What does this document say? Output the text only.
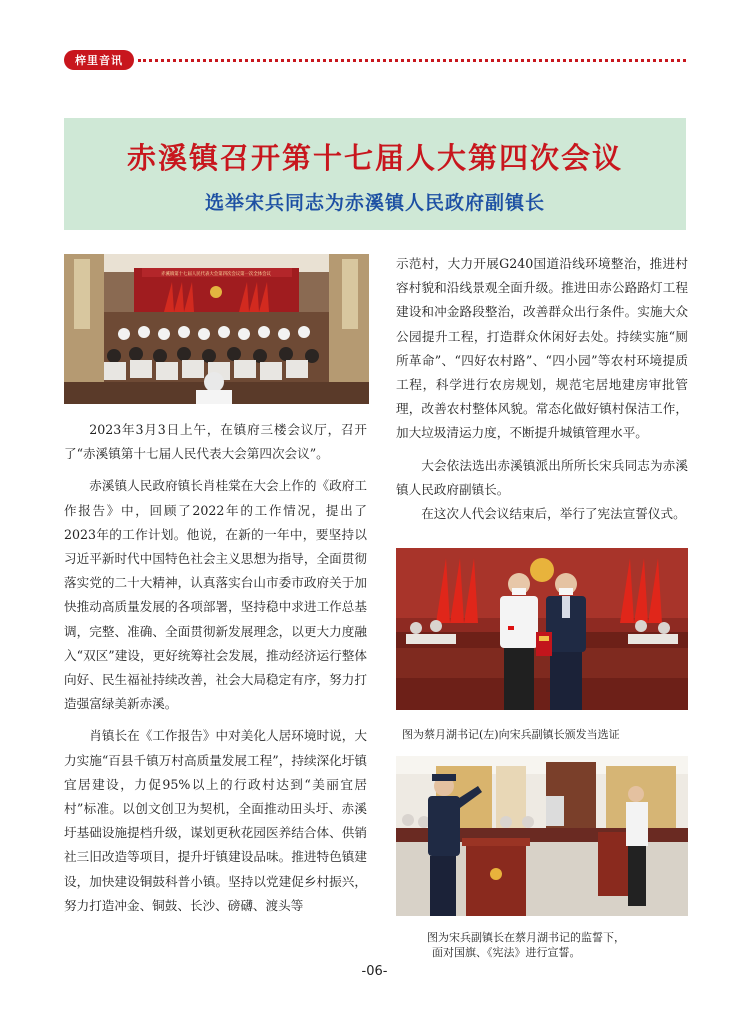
梓里音讯
赤溪镇召开第十七届人大第四次会议
选举宋兵同志为赤溪镇人民政府副镇长
赤溪镇第十七届人民代表大会第四次会议第一次全体会议

2023年3月3日上午，在镇府三楼会议厅，召开了“赤溪镇第十七届人民代表大会第四次会议”。

赤溪镇人民政府镇长肖桂棠在大会上作的《政府工作报告》中，回顾了2022年的工作情况，提出了2023年的工作计划。他说，在新的一年中，要坚持以习近平新时代中国特色社会主义思想为指导，全面贯彻落实党的二十大精神，认真落实台山市委市政府关于加快推动高质量发展的各项部署，坚持稳中求进工作总基调，完整、准确、全面贯彻新发展理念，以更大力度融入“双区”建设，更好统筹社会发展，推动经济运行整体向好、民生福祉持续改善，社会大局稳定有序，努力打造强富绿美新赤溪。

肖镇长在《工作报告》中对美化人居环境时说，大力实施“百县千镇万村高质量发展工程”，持续深化圩镇宜居建设，力促95%以上的行政村达到“美丽宜居村”标准。以创文创卫为契机，全面推动田头圩、赤溪圩基础设施提档升级，谋划更秋花园医养结合体、供销社三旧改造等项目，提升圩镇建设品味。推进特色镇建设，加快建设铜鼓科普小镇。坚持以党建促乡村振兴，努力打造冲金、铜鼓、长沙、磅礴、渡头等

示范村，大力开展G240国道沿线环境整治，推进村容村貌和沿线景观全面升级。推进田赤公路路灯工程建设和冲金路段整治，改善群众出行条件。实施大众公园提升工程，打造群众休闲好去处。持续实施“厕所革命”、“四好农村路”、“四小园”等农村环境提质工程，科学进行农房规划，规范宅居地建房审批管理，改善农村整体风貌。常态化做好镇村保洁工作，加大垃圾清运力度，不断提升城镇管理水平。

大会依法选出赤溪镇派出所所长宋兵同志为赤溪镇人民政府副镇长。

在这次人代会议结束后，举行了宪法宣誓仪式。

图为蔡月湖书记(左)向宋兵副镇长颁发当选证
图为宋兵副镇长在蔡月湖书记的监誓下，
面对国旗、《宪法》进行宣誓。
-06-
